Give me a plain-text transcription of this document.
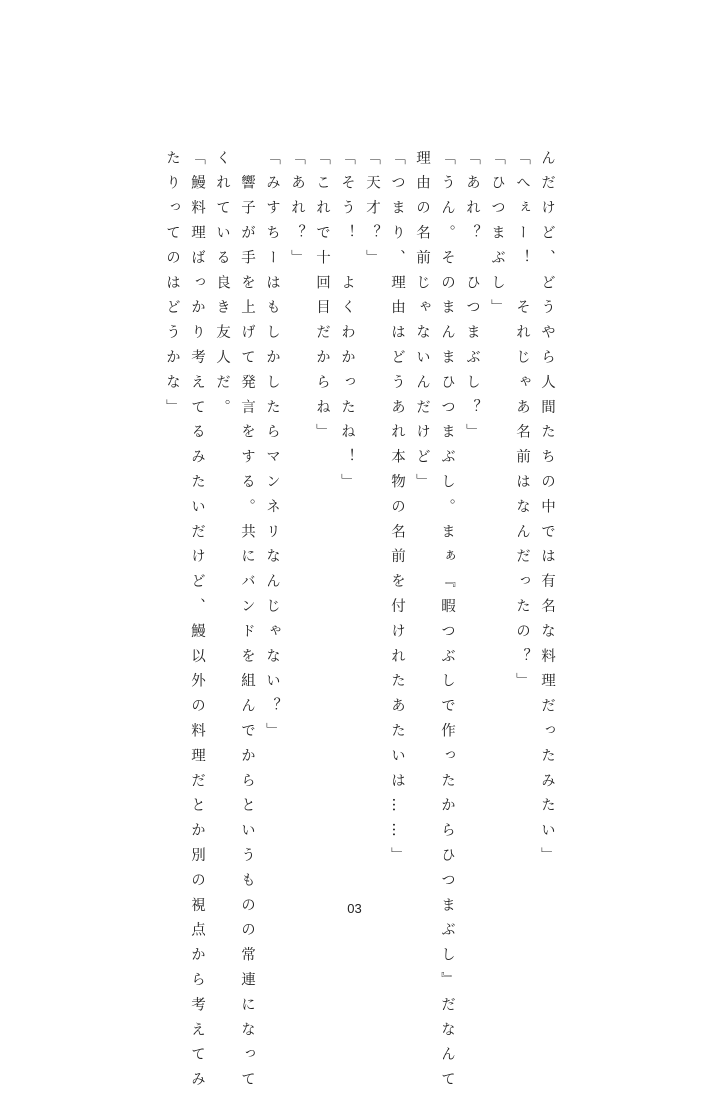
んだけど、どうやら人間たちの中では有名な料理だったみたい」
「へぇー！　それじゃあ名前はなんだったの？」
「ひつまぶし」
「あれ？　ひつまぶし？」
「うん。そのまんまひつまぶし。まぁ『暇つぶしで作ったからひつまぶし』だなんて
理由の名前じゃないんだけど」
「つまり、理由はどうあれ本物の名前を付けれたあたいは……」
「天才？」
「そう！　よくわかったね！」
「これで十回目だからね」
「あれ？」
「みすちーはもしかしたらマンネリなんじゃない？」
　響子が手を上げて発言をする。共にバンドを組んでからというものの常連になって
くれている良き友人だ。
「鰻料理ばっかり考えてるみたいだけど、鰻以外の料理だとか別の視点から考えてみ
たりってのはどうかな」
03
